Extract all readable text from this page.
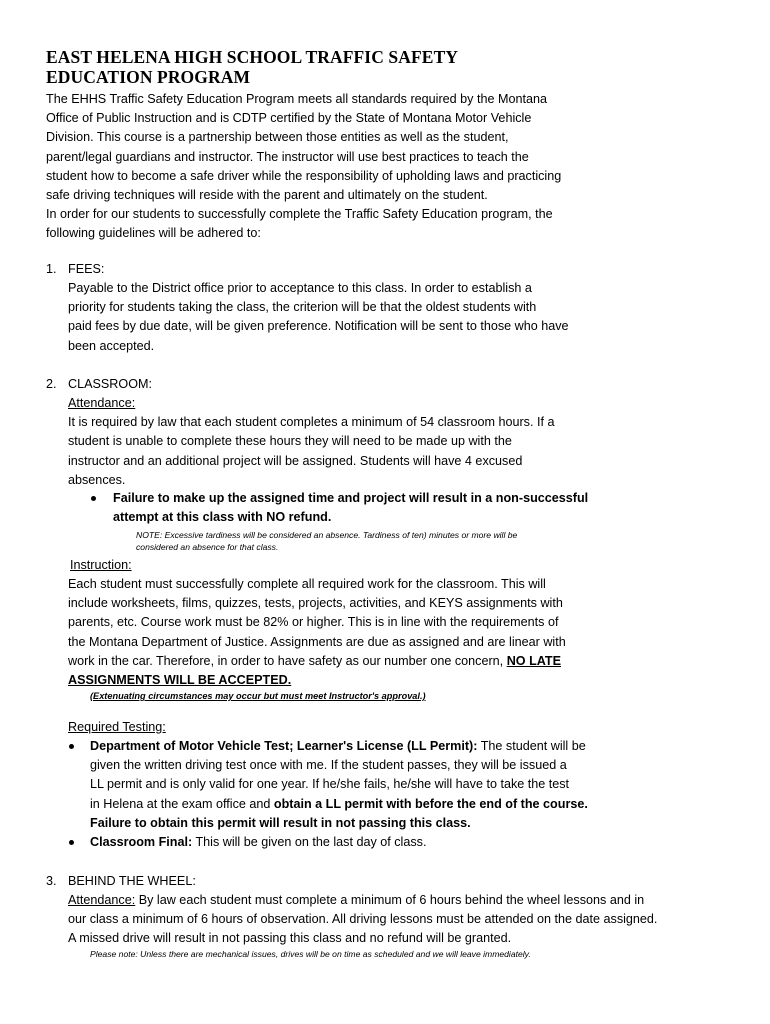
EAST HELENA HIGH SCHOOL TRAFFIC SAFETY
EDUCATION PROGRAM

The EHHS Traffic Safety Education Program meets all standards required by the Montana

Office of Public Instruction and is CDTP certified by the State of Montana Motor Vehicle

Division. This course is a partnership between those entities as well as the student,

parent/legal guardians and instructor. The instructor will use best practices to teach the

student how to become a safe driver while the responsibility of upholding laws and practicing

safe driving techniques will reside with the parent and ultimately on the student.

In order for our students to successfully complete the Traffic Safety Education program, the

following guidelines will be adhered to:

1. FEES:

Payable to the District office prior to acceptance to this class. In order to establish a

priority for students taking the class, the criterion will be that the oldest students with

paid fees by due date, will be given preference. Notification will be sent to those who have

been accepted.

2. CLASSROOM:

Attendance:

It is required by law that each student completes a minimum of 54 classroom hours. If a

student is unable to complete these hours they will need to be made up with the

instructor and an additional project will be assigned. Students will have 4 excused

absences.

Failure to make up the assigned time and project will result in a non-successful
attempt at this class with NO refund.
NOTE: Excessive tardiness will be considered an absence. Tardiness of ten) minutes or more will be
considered an absence for that class.

Instruction:

Each student must successfully complete all required work for the classroom. This will

include worksheets, films, quizzes, tests, projects, activities, and KEYS assignments with

parents, etc. Course work must be 82% or higher. This is in line with the requirements of

the Montana Department of Justice. Assignments are due as assigned and are linear with

work in the car. Therefore, in order to have safety as our number one concern, NO LATE

ASSIGNMENTS WILL BE ACCEPTED.

(Extenuating circumstances may occur but must meet Instructor's approval.)

Required Testing:

Department of Motor Vehicle Test; Learner's License (LL Permit): The student will be
given the written driving test once with me. If the student passes, they will be issued a
LL permit and is only valid for one year. If he/she fails, he/she will have to take the test
in Helena at the exam office and obtain a LL permit with before the end of the course.
Failure to obtain this permit will result in not passing this class.
Classroom Final: This will be given on the last day of class.
3. BEHIND THE WHEEL:

Attendance: By law each student must complete a minimum of 6 hours behind the wheel lessons and in

our class a minimum of 6 hours of observation. All driving lessons must be attended on the date assigned.

A missed drive will result in not passing this class and no refund will be granted.

Please note: Unless there are mechanical issues, drives will be on time as scheduled and we will leave immediately.
